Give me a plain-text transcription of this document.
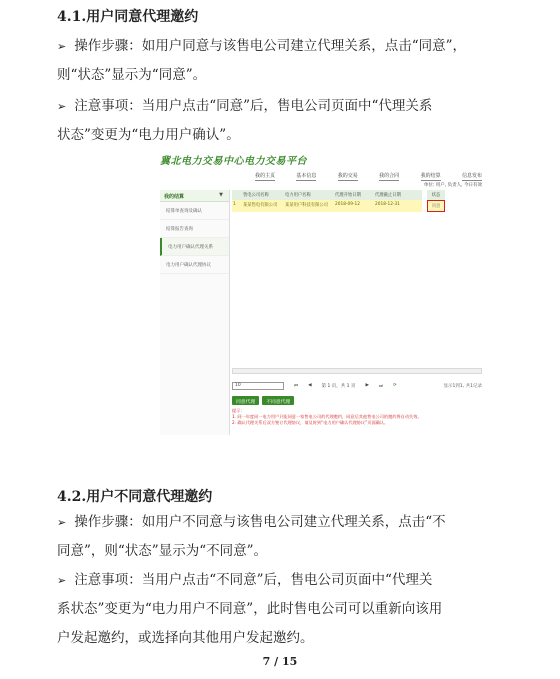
4.1.用户同意代理邀约
➢ 操作步骤：如用户同意与该售电公司建立代理关系，点击“同意”，
则“状态”显示为“同意”。
➢ 注意事项：当用户点击“同意”后，售电公司页面中“代理关系
状态”变更为“电力用户确认”。
冀北电力交易中心电力交易平台
我的主页	基本信息	我的交易	我的合同	我的结算	信息发布
单位: 用户, 负责人, 今日有效
我的结算	▼
结算单查询及确认
结算报告查询
电力用户确认代理关系
电力用户确认代理协议
售电公司名称	电力用户名称	代理开始日期	代理截止日期	状态
1	某某售电有限公司	某某用户科技有限公司	2018-09-12	2018-12-31	同意
10	⏮ ◀ 第 1 页，共 1 页 ▶ ⏭ ⟳	显示1到1, 共1记录
同意代理	不同意代理
提示：
1. 同一年度同一电力用户只能同意一家售电公司的代理邀约，同意后其他售电公司的邀约将自动失效。
2. 确认代理关系后双方签订代理协议，请及时到“电力用户确认代理协议”页面确认。
4.2.用户不同意代理邀约
➢ 操作步骤：如用户不同意与该售电公司建立代理关系，点击“不
同意”，则“状态”显示为“不同意”。
➢ 注意事项：当用户点击“不同意”后，售电公司页面中“代理关
系状态”变更为“电力用户不同意”，此时售电公司可以重新向该用
户发起邀约，或选择向其他用户发起邀约。
7 / 15
